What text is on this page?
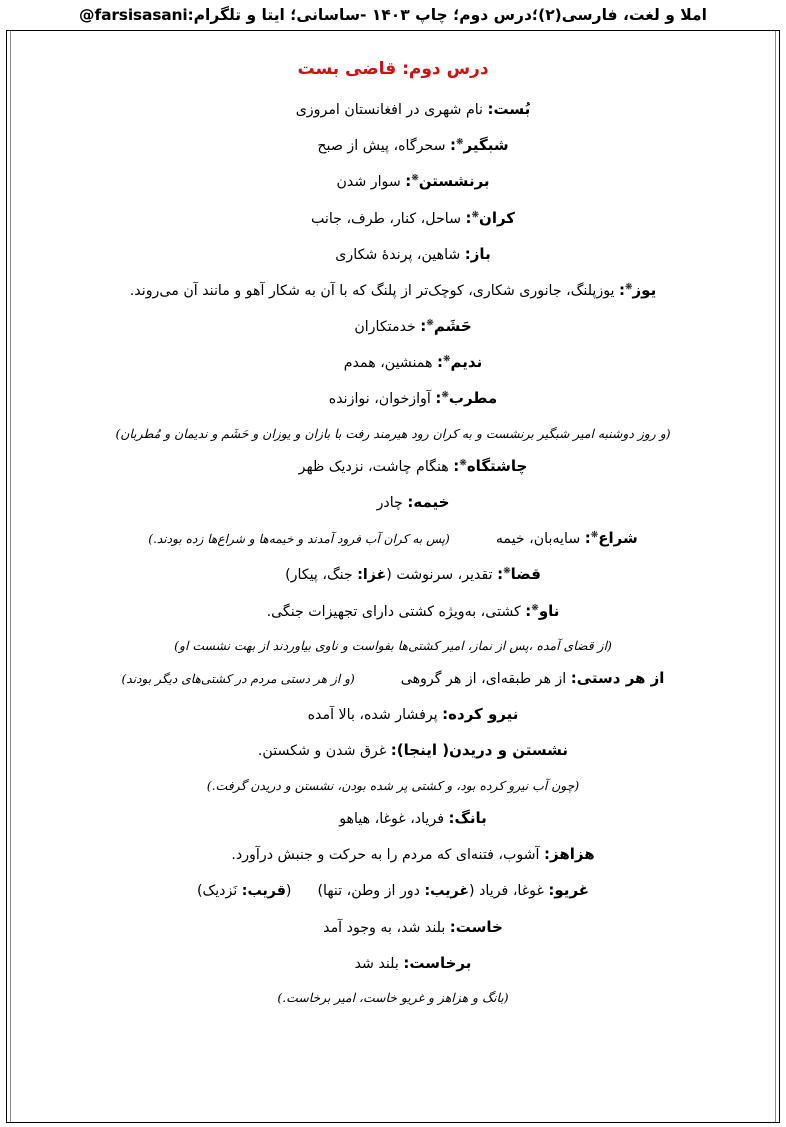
املا و لغت، فارسی(۲)؛درس دوم؛ چاپ ۱۴۰۳ -ساسانی؛ ایتا و تلگرام:@farsisasani
درس دوم: قاضی بست
بُست: نام شهری در افغانستان امروزی
شبگیر❋: سحرگاه، پیش از صبح
برنشستن❋: سوار شدن
کران❋: ساحل، کنار، طرف، جانب
باز: شاهین، پرندۀ شکاری
یوز❋: یوزپلنگ، جانوری شکاری، کوچک‌تر از پلنگ که با آن به شکار آهو و مانند آن می‌روند.
حَشَم❋: خدمتکاران
ندیم❋: همنشین، همدم
مطرب❋: آوازخوان، نوازنده
(و روز دوشنبه امیر شبگیر برنشست و به کران رود هیرمند رفت با بازان و یوزان و حَشَم و ندیمان و مُطربان)
چاشتگاه❋: هنگام چاشت، نزدیک ظهر
خیمه: چادر
شراع❋: سایه‌بان، خیمه(پس به کران آب فرود آمدند و خیمه‌ها و شراع‌ها زده بودند.)
قضا❋: تقدیر، سرنوشت (غزا: جنگ، پیکار)
ناو❋: کشتی، به‌ویژه کشتی دارای تجهیزات جنگی.
(از قضای آمده ،پس از نماز، امیر کشتی‌ها بفواست و ناوی بیاوردند از بهت نشست او)
از هر دستی: از هر طبقه‌ای، از هر گروهی(و از هر دستی مردم در کشتی‌های دیگر بودند)
نیرو کرده: پرفشار شده، بالا آمده
نشستن و دریدن( اینجا): غرق شدن و شکستن.
(چون آب نیرو کرده بود، و کشتی پر شده بودن، نشستن و دریدن گرفت.)
بانگ: فریاد، غوغا، هیاهو
هزاهز: آشوب، فتنه‌ای که مردم را به حرکت و جنبش درآورد.
غریو: غوغا، فریاد (غریب: دور از وطن، تنها)(قریب: نَزدیک)
خاست: بلند شد، به وجود آمد
برخاست: بلند شد
(بانگ و هزاهز و غریو خاست، امیر برخاست.)
